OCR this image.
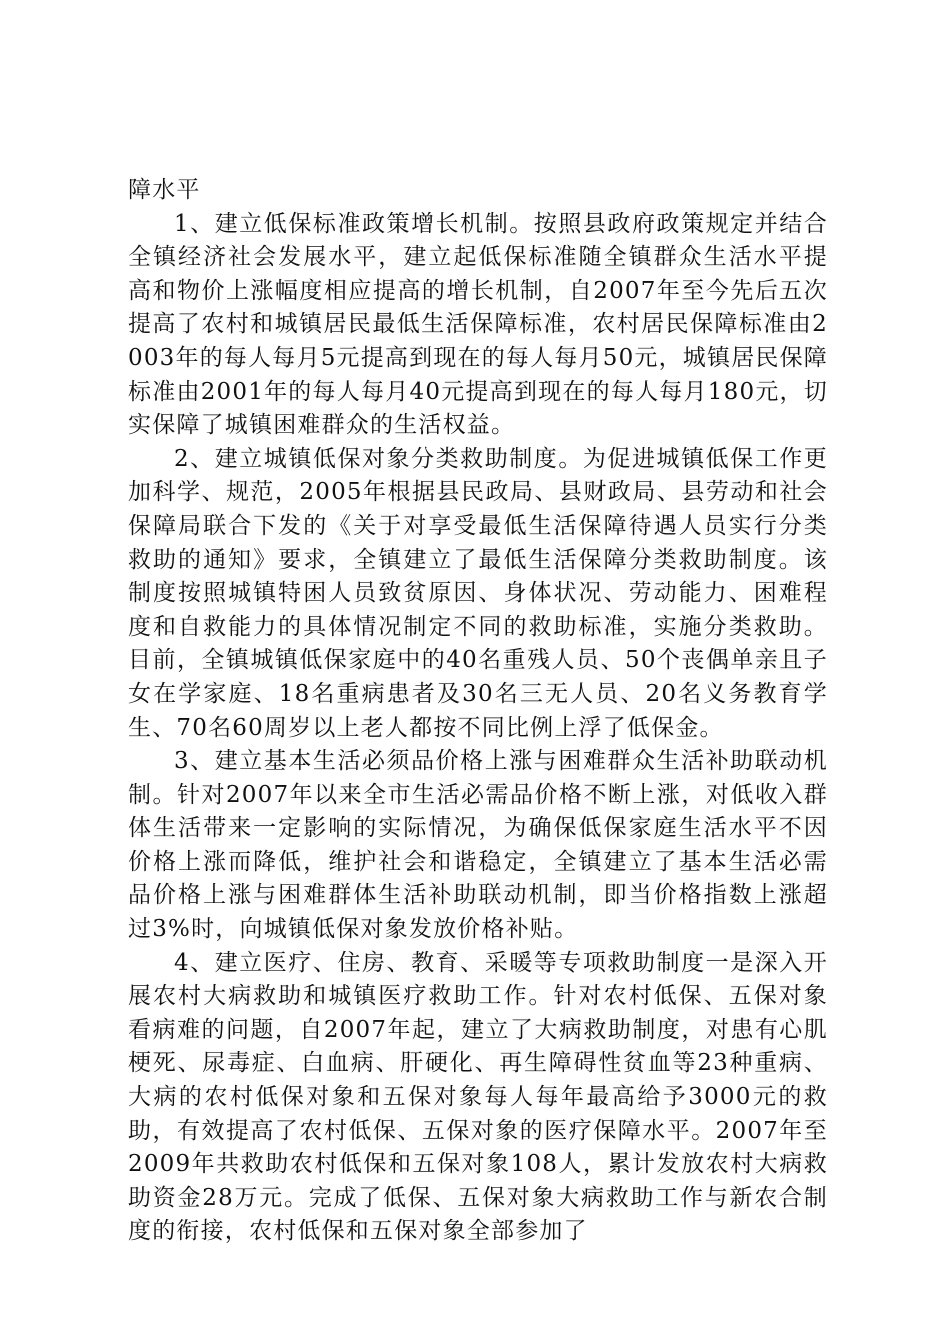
障水平

1、建立低保标准政策增长机制。按照县政府政策规定并结合全镇经济社会发展水平，建立起低保标准随全镇群众生活水平提高和物价上涨幅度相应提高的增长机制，自2007年至今先后五次提高了农村和城镇居民最低生活保障标准，农村居民保障标准由2003年的每人每月5元提高到现在的每人每月50元，城镇居民保障标准由2001年的每人每月40元提高到现在的每人每月180元，切实保障了城镇困难群众的生活权益。

2、建立城镇低保对象分类救助制度。为促进城镇低保工作更加科学、规范，2005年根据县民政局、县财政局、县劳动和社会保障局联合下发的《关于对享受最低生活保障待遇人员实行分类救助的通知》要求，全镇建立了最低生活保障分类救助制度。该制度按照城镇特困人员致贫原因、身体状况、劳动能力、困难程度和自救能力的具体情况制定不同的救助标准，实施分类救助。目前，全镇城镇低保家庭中的40名重残人员、50个丧偶单亲且子女在学家庭、18名重病患者及30名三无人员、20名义务教育学生、70名60周岁以上老人都按不同比例上浮了低保金。

3、建立基本生活必须品价格上涨与困难群众生活补助联动机制。针对2007年以来全市生活必需品价格不断上涨，对低收入群体生活带来一定影响的实际情况，为确保低保家庭生活水平不因价格上涨而降低，维护社会和谐稳定，全镇建立了基本生活必需品价格上涨与困难群体生活补助联动机制，即当价格指数上涨超过3%时，向城镇低保对象发放价格补贴。

4、建立医疗、住房、教育、采暖等专项救助制度一是深入开展农村大病救助和城镇医疗救助工作。针对农村低保、五保对象看病难的问题，自2007年起，建立了大病救助制度，对患有心肌梗死、尿毒症、白血病、肝硬化、再生障碍性贫血等23种重病、大病的农村低保对象和五保对象每人每年最高给予3000元的救助，有效提高了农村低保、五保对象的医疗保障水平。2007年至2009年共救助农村低保和五保对象108人，累计发放农村大病救助资金28万元。完成了低保、五保对象大病救助工作与新农合制度的衔接，农村低保和五保对象全部参加了
